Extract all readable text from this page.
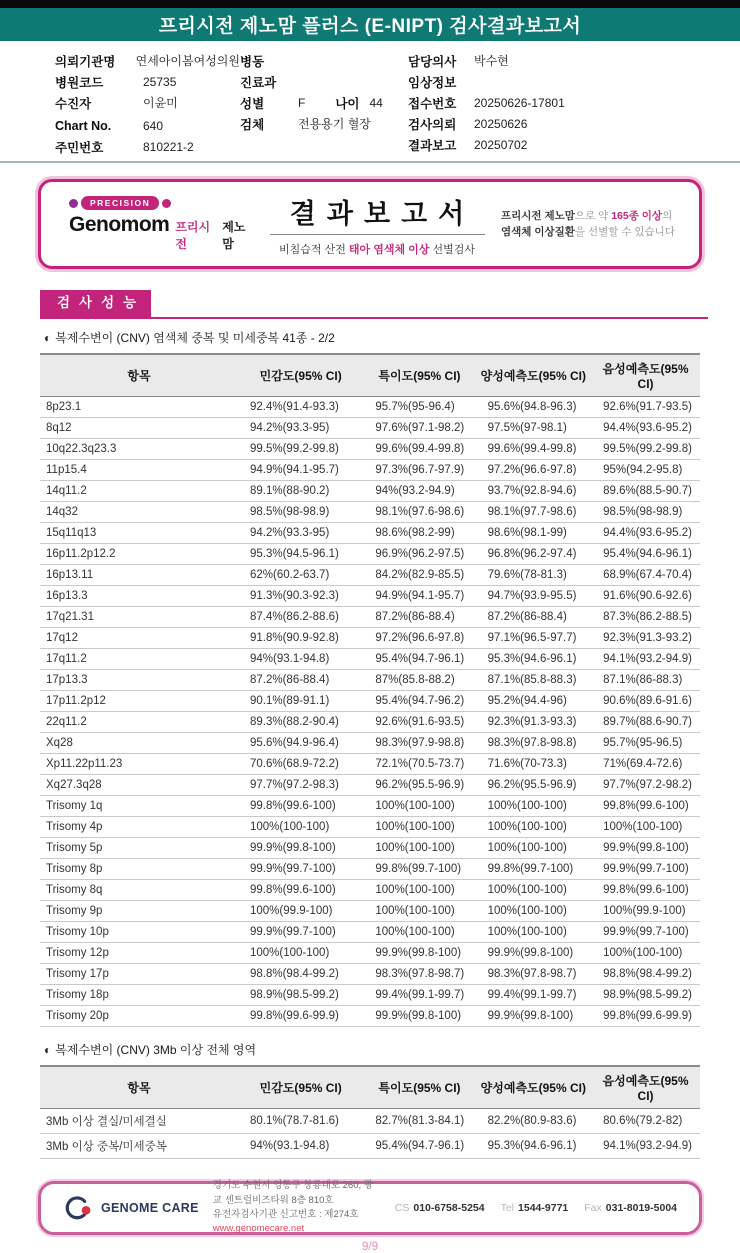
프리시전 제노맘 플러스 (E-NIPT) 검사결과보고서
의뢰기관명	연세아이봄여성의원
병원코드	25735
수진자	이윤미
Chart No.	640
주민번호	810221-2
병동
진료과
성별	F 나이 44
검체	전용용기 혈장
담당의사	박수현
임상정보
접수번호	20250626-17801
검사의뢰	20250626
결과보고	20250702
PRECISION
Genomom 프리시전
제노맘
결과보고서
비침습적 산전 태아 염색체 이상 선별검사
프리시전 제노맘으로 약 165종 이상의
염색체 이상질환을 선별할 수 있습니다
검사성능
◐ 복제수변이 (CNV) 염색체 중복 및 미세중복 41종 - 2/2
항목	민감도(95% CI)	특이도(95% CI)	양성예측도(95% CI)	음성예측도(95% CI)
8p23.1	92.4%(91.4-93.3)	95.7%(95-96.4)	95.6%(94.8-96.3)	92.6%(91.7-93.5)
8q12	94.2%(93.3-95)	97.6%(97.1-98.2)	97.5%(97-98.1)	94.4%(93.6-95.2)
10q22.3q23.3	99.5%(99.2-99.8)	99.6%(99.4-99.8)	99.6%(99.4-99.8)	99.5%(99.2-99.8)
11p15.4	94.9%(94.1-95.7)	97.3%(96.7-97.9)	97.2%(96.6-97.8)	95%(94.2-95.8)
14q11.2	89.1%(88-90.2)	94%(93.2-94.9)	93.7%(92.8-94.6)	89.6%(88.5-90.7)
14q32	98.5%(98-98.9)	98.1%(97.6-98.6)	98.1%(97.7-98.6)	98.5%(98-98.9)
15q11q13	94.2%(93.3-95)	98.6%(98.2-99)	98.6%(98.1-99)	94.4%(93.6-95.2)
16p11.2p12.2	95.3%(94.5-96.1)	96.9%(96.2-97.5)	96.8%(96.2-97.4)	95.4%(94.6-96.1)
16p13.11	62%(60.2-63.7)	84.2%(82.9-85.5)	79.6%(78-81.3)	68.9%(67.4-70.4)
16p13.3	91.3%(90.3-92.3)	94.9%(94.1-95.7)	94.7%(93.9-95.5)	91.6%(90.6-92.6)
17q21.31	87.4%(86.2-88.6)	87.2%(86-88.4)	87.2%(86-88.4)	87.3%(86.2-88.5)
17q12	91.8%(90.9-92.8)	97.2%(96.6-97.8)	97.1%(96.5-97.7)	92.3%(91.3-93.2)
17q11.2	94%(93.1-94.8)	95.4%(94.7-96.1)	95.3%(94.6-96.1)	94.1%(93.2-94.9)
17p13.3	87.2%(86-88.4)	87%(85.8-88.2)	87.1%(85.8-88.3)	87.1%(86-88.3)
17p11.2p12	90.1%(89-91.1)	95.4%(94.7-96.2)	95.2%(94.4-96)	90.6%(89.6-91.6)
22q11.2	89.3%(88.2-90.4)	92.6%(91.6-93.5)	92.3%(91.3-93.3)	89.7%(88.6-90.7)
Xq28	95.6%(94.9-96.4)	98.3%(97.9-98.8)	98.3%(97.8-98.8)	95.7%(95-96.5)
Xp11.22p11.23	70.6%(68.9-72.2)	72.1%(70.5-73.7)	71.6%(70-73.3)	71%(69.4-72.6)
Xq27.3q28	97.7%(97.2-98.3)	96.2%(95.5-96.9)	96.2%(95.5-96.9)	97.7%(97.2-98.2)
Trisomy 1q	99.8%(99.6-100)	100%(100-100)	100%(100-100)	99.8%(99.6-100)
Trisomy 4p	100%(100-100)	100%(100-100)	100%(100-100)	100%(100-100)
Trisomy 5p	99.9%(99.8-100)	100%(100-100)	100%(100-100)	99.9%(99.8-100)
Trisomy 8p	99.9%(99.7-100)	99.8%(99.7-100)	99.8%(99.7-100)	99.9%(99.7-100)
Trisomy 8q	99.8%(99.6-100)	100%(100-100)	100%(100-100)	99.8%(99.6-100)
Trisomy 9p	100%(99.9-100)	100%(100-100)	100%(100-100)	100%(99.9-100)
Trisomy 10p	99.9%(99.7-100)	100%(100-100)	100%(100-100)	99.9%(99.7-100)
Trisomy 12p	100%(100-100)	99.9%(99.8-100)	99.9%(99.8-100)	100%(100-100)
Trisomy 17p	98.8%(98.4-99.2)	98.3%(97.8-98.7)	98.3%(97.8-98.7)	98.8%(98.4-99.2)
Trisomy 18p	98.9%(98.5-99.2)	99.4%(99.1-99.7)	99.4%(99.1-99.7)	98.9%(98.5-99.2)
Trisomy 20p	99.8%(99.6-99.9)	99.9%(99.8-100)	99.9%(99.8-100)	99.8%(99.6-99.9)
◐ 복제수변이 (CNV) 3Mb 이상 전체 영역
항목	민감도(95% CI)	특이도(95% CI)	양성예측도(95% CI)	음성예측도(95% CI)
3Mb 이상 결실/미세결실	80.1%(78.7-81.6)	82.7%(81.3-84.1)	82.2%(80.9-83.6)	80.6%(79.2-82)
3Mb 이상 중복/미세중복	94%(93.1-94.8)	95.4%(94.7-96.1)	95.3%(94.6-96.1)	94.1%(93.2-94.9)
GENOME CARE
경기도 수원시 영통구 창룡대로 260, 광교 센트럴비즈타워 8층 810호
유전자검사기관 신고번호 : 제274호
www.genomecare.net
CS 010-6758-5254 Tel 1544-9771 Fax 031-8019-5004
9/9
